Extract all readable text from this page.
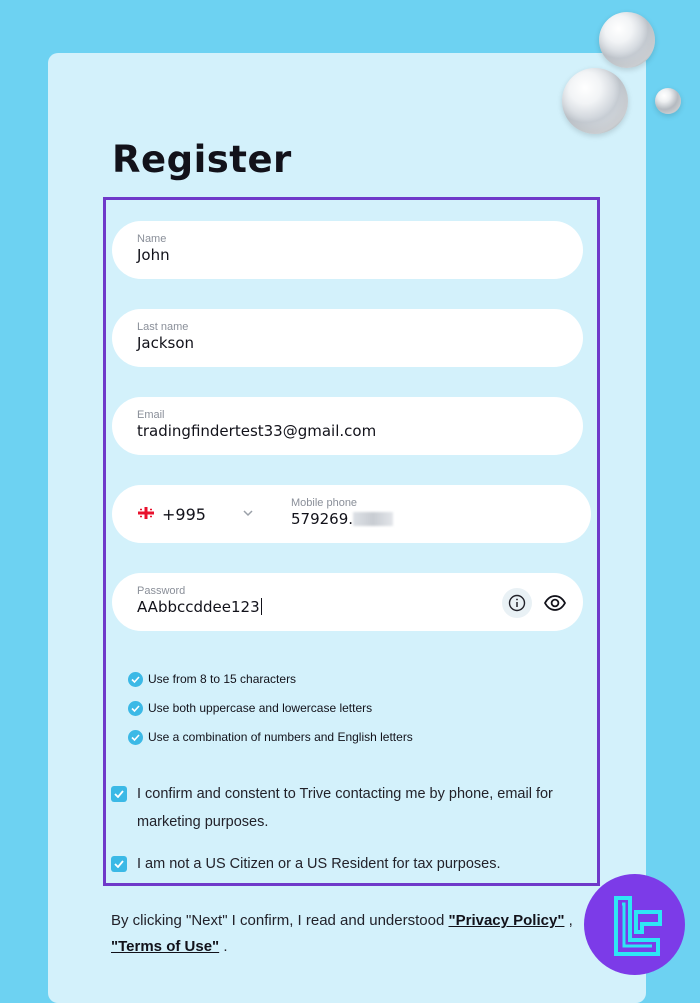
Register
Name
John
Last name
Jackson
Email
tradingfindertest33@gmail.com
+995
Mobile phone
579269.
Password
AAbbccddee123
Use from 8 to 15 characters
Use both uppercase and lowercase letters
Use a combination of numbers and English letters
I confirm and constent to Trive contacting me by phone, email for marketing purposes.
I am not a US Citizen or a US Resident for tax purposes.
By clicking "Next" I confirm, I read and understood "Privacy Policy" , "Terms of Use" .
